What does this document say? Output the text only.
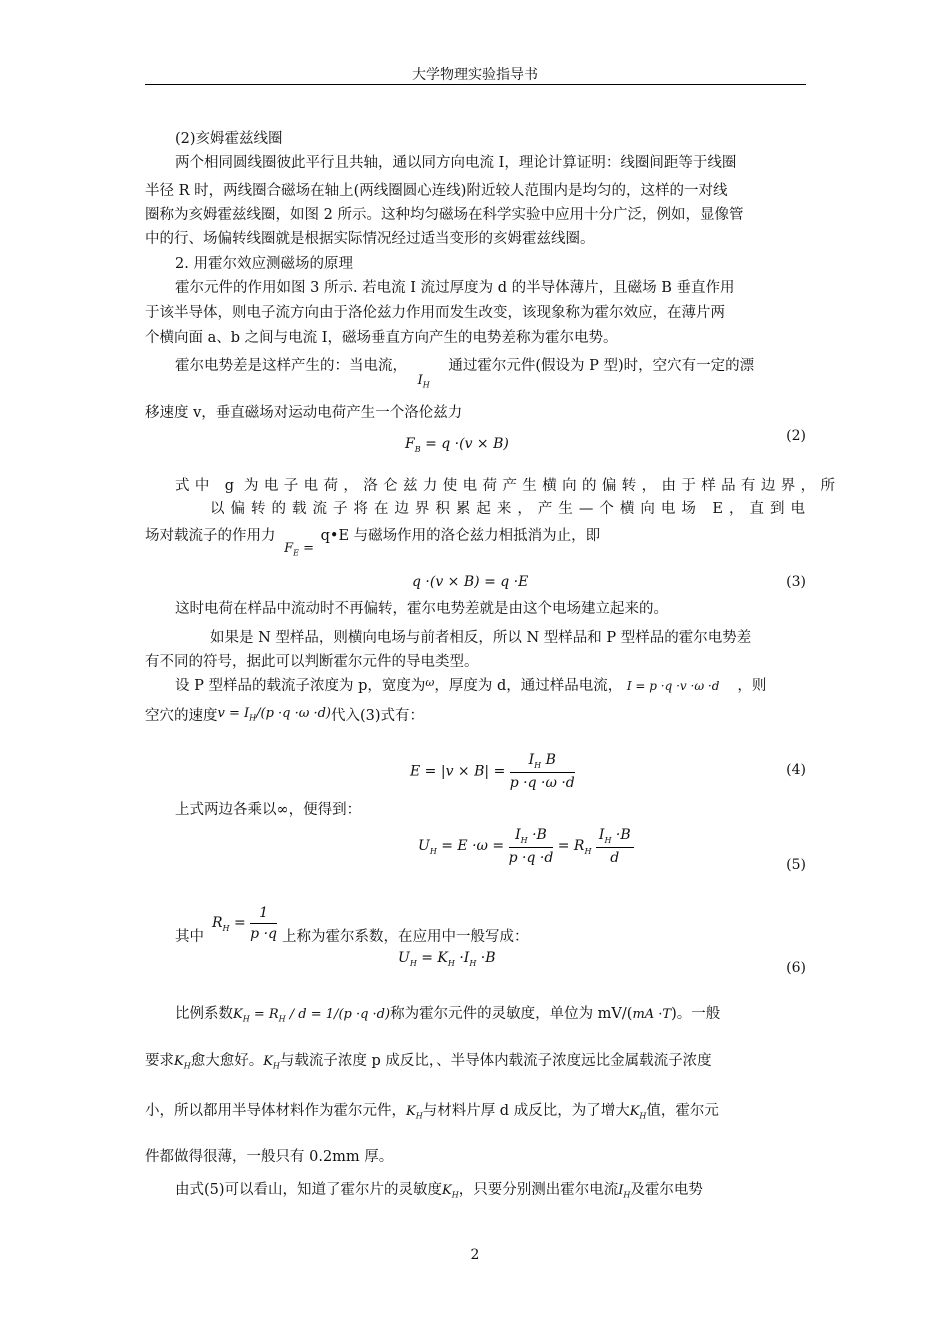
大学物理实验指导书
(2)亥姆霍兹线圈
两个相同圆线圈彼此平行且共轴，通以同方向电流 I，理论计算证明：线圈间距等于线圈
半径 R 时，两线圈合磁场在轴上(两线圈圆心连线)附近较人范围内是均匀的，这样的一对线
圈称为亥姆霍兹线圈，如图 2 所示。这种均匀磁场在科学实验中应用十分广泛，例如，显像管
中的行、场偏转线圈就是根据实际情况经过适当变形的亥姆霍兹线圈。
2. 用霍尔效应测磁场的原理
霍尔元件的作用如图 3 所示. 若电流 I 流过厚度为 d 的半导体薄片，且磁场 B 垂直作用
于该半导体，则电子流方向由于洛伦兹力作用而发生改变，该现象称为霍尔效应，在薄片两
个横向面 a、b 之间与电流 I，磁场垂直方向产生的电势差称为霍尔电势。
霍尔电势差是这样产生的：当电流， $I_H$ 通过霍尔元件(假设为 P 型)时，空穴有一定的漂
移速度 v，垂直磁场对运动电荷产生一个洛伦兹力
$F_B = q \cdot(v \times B)$	(2)
式中 g 为电子电荷，洛仑兹力使电荷产生横向的偏转，由于样品有边界，所
以偏转的载流子将在边界积累起来，产生—个横向电场 E，直到电
场对载流子的作用力 $F_E$ = q•E 与磁场作用的洛仑兹力相抵消为止，即
q ·(v × B) = q ·E	(3)
这时电荷在样品中流动时不再偏转，霍尔电势差就是由这个电场建立起来的。
如果是 N 型样品，则横向电场与前者相反，所以 N 型样品和 P 型样品的霍尔电势差
有不同的符号，据此可以判断霍尔元件的导电类型。
设 P 型样品的载流子浓度为 p，宽度为$^\omega$，厚度为 d，通过样品电流， I = p ·q ·v ·ω ·d ，则
空穴的速度$v = I_H/(p \cdot q \cdot\omega \cdot d)$代入(3)式有：
$E = |v \times B| = \frac{I_H B}{p \cdot q \cdot\omega \cdot d}$	(4)
上式两边各乘以∞，便得到：
$U_H = E \cdot\omega = \frac{I_H \cdot B}{p \cdot q \cdot d} = R_H \frac{I_H \cdot B}{d}$	(5)
$R_H = \frac{1}{p \cdot q}$
其中	上称为霍尔系数，在应用中一般写成：
$U_H = K_H \cdot I_H \cdot B$
(6)
比例系数$K_H = R_H / d = 1/(p \cdot q \cdot d)$称为霍尔元件的灵敏度，单位为 mV/(mA ·T)。一般
要求$K_H$愈大愈好。$K_H$与载流子浓度 p 成反比，、半导体内载流子浓度远比金属载流子浓度
小，所以都用半导体材料作为霍尔元件，$K_H$与材料片厚 d 成反比，为了增大$K_H$值，霍尔元
件都做得很薄，一般只有 0.2mm 厚。
由式(5)可以看山，知道了霍尔片的灵敏度$K_H$，只要分别测出霍尔电流$I_H$及霍尔电势
2
